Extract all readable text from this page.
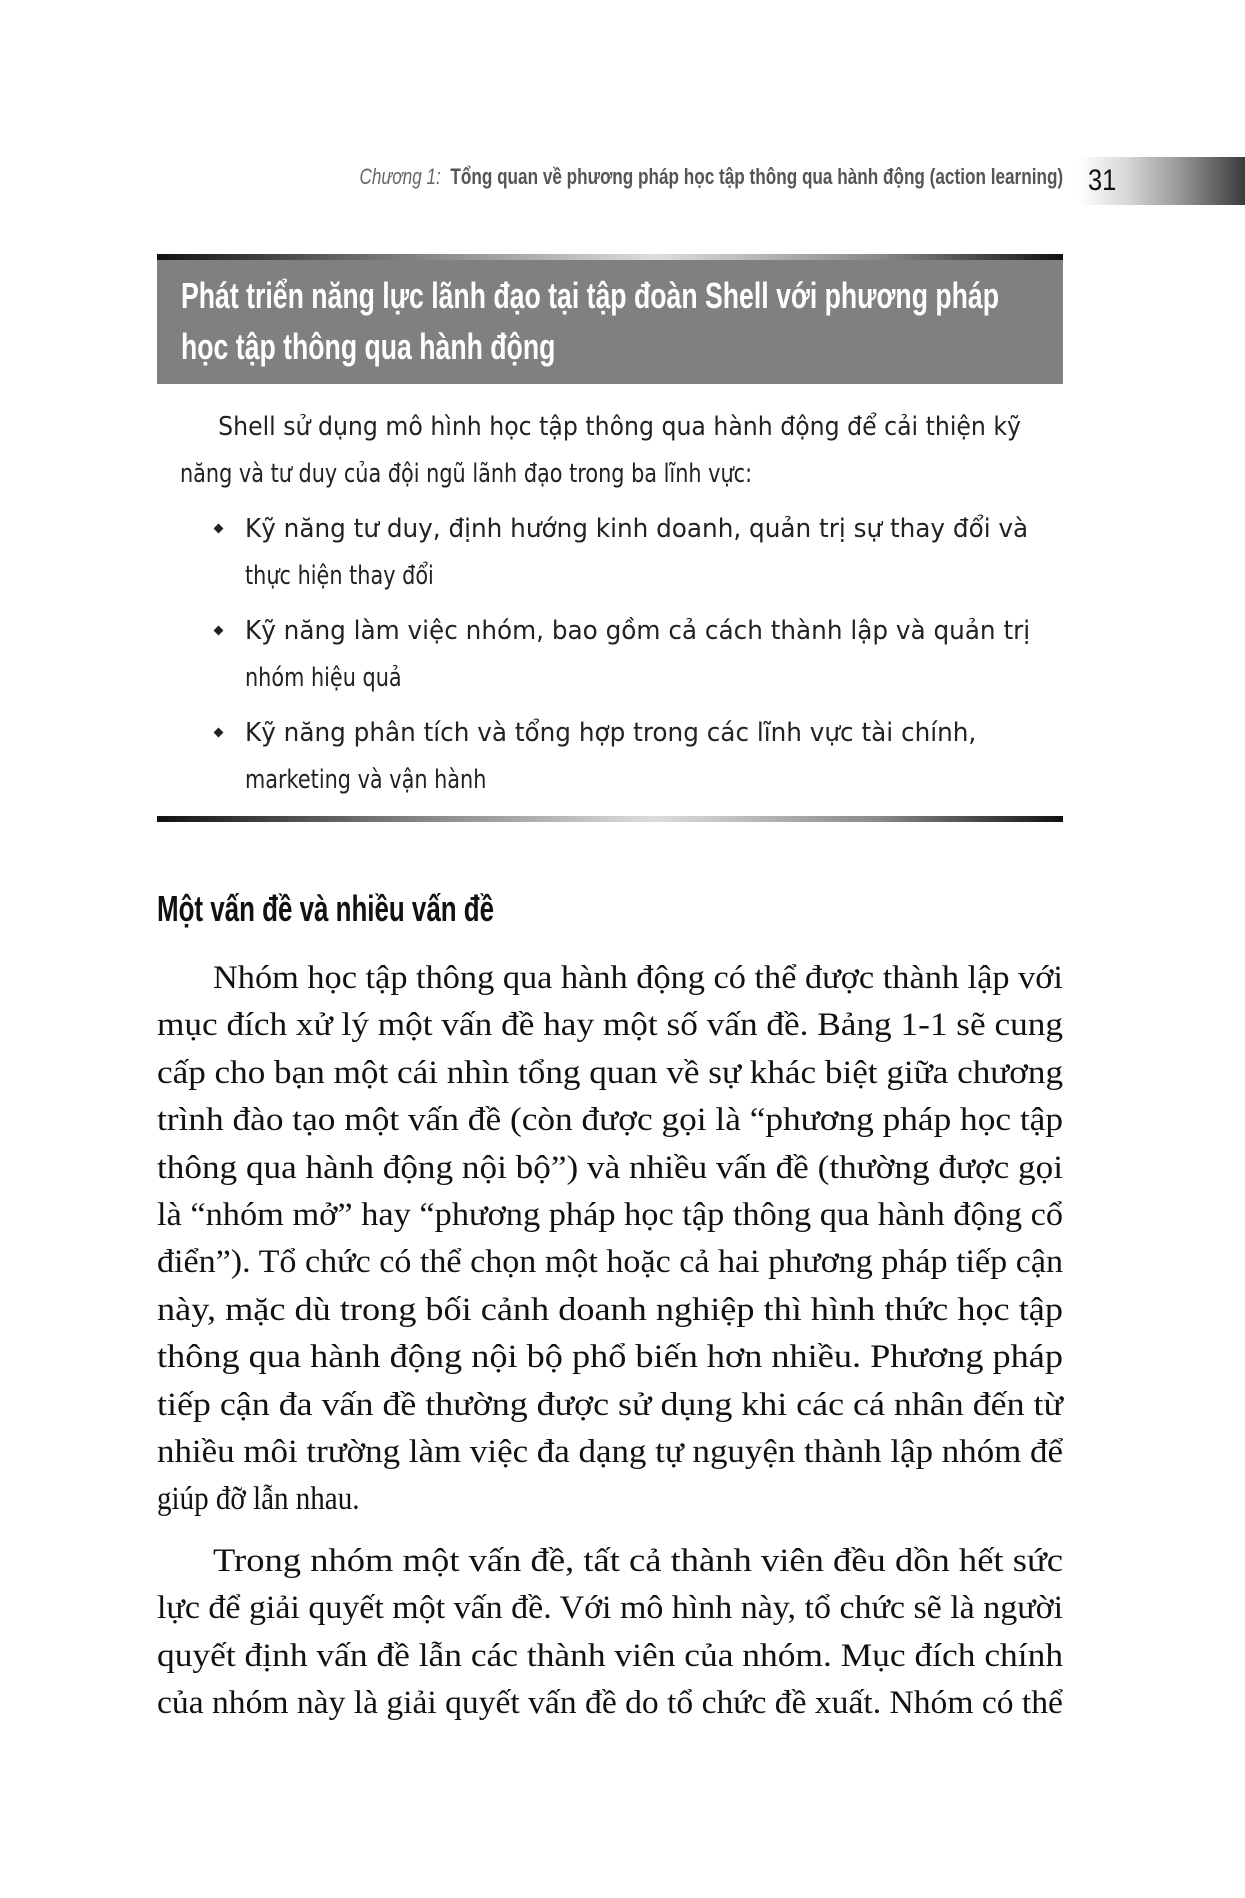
Chương 1: Tổng quan về phương pháp học tập thông qua hành động (action learning) 31
Phát triển năng lực lãnh đạo tại tập đoàn Shell với phương pháp
học tập thông qua hành động
Shell sử dụng mô hình học tập thông qua hành động để cải thiện kỹ
năng và tư duy của đội ngũ lãnh đạo trong ba lĩnh vực:
Kỹ năng tư duy, định hướng kinh doanh, quản trị sự thay đổi và
thực hiện thay đổi
Kỹ năng làm việc nhóm, bao gồm cả cách thành lập và quản trị
nhóm hiệu quả
Kỹ năng phân tích và tổng hợp trong các lĩnh vực tài chính,
marketing và vận hành
Một vấn đề và nhiều vấn đề
Nhóm học tập thông qua hành động có thể được thành lập với
mục đích xử lý một vấn đề hay một số vấn đề. Bảng 1-1 sẽ cung
cấp cho bạn một cái nhìn tổng quan về sự khác biệt giữa chương
trình đào tạo một vấn đề (còn được gọi là “phương pháp học tập
thông qua hành động nội bộ”) và nhiều vấn đề (thường được gọi
là “nhóm mở” hay “phương pháp học tập thông qua hành động cổ
điển”). Tổ chức có thể chọn một hoặc cả hai phương pháp tiếp cận
này, mặc dù trong bối cảnh doanh nghiệp thì hình thức học tập
thông qua hành động nội bộ phổ biến hơn nhiều. Phương pháp
tiếp cận đa vấn đề thường được sử dụng khi các cá nhân đến từ
nhiều môi trường làm việc đa dạng tự nguyện thành lập nhóm để
giúp đỡ lẫn nhau.
Trong nhóm một vấn đề, tất cả thành viên đều dồn hết sức
lực để giải quyết một vấn đề. Với mô hình này, tổ chức sẽ là người
quyết định vấn đề lẫn các thành viên của nhóm. Mục đích chính
của nhóm này là giải quyết vấn đề do tổ chức đề xuất. Nhóm có thể
